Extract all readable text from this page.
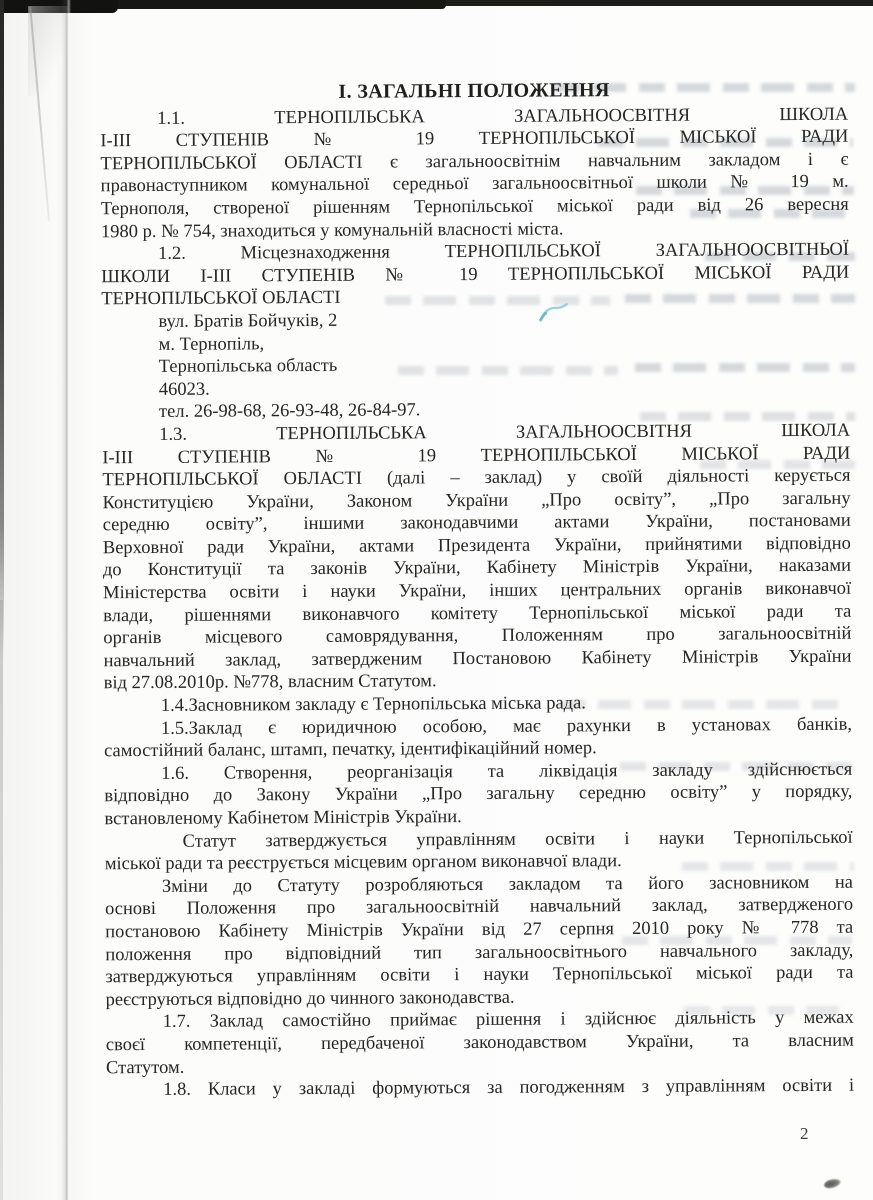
І. ЗАГАЛЬНІ ПОЛОЖЕННЯ
1.1. ТЕРНОПІЛЬСЬКА ЗАГАЛЬНООСВІТНЯ ШКОЛА
І-ІІІ СТУПЕНІВ № 19 ТЕРНОПІЛЬСЬКОЇ МІСЬКОЇ РАДИ
ТЕРНОПІЛЬСЬКОЇ ОБЛАСТІ є загальноосвітнім навчальним закладом і є
правонаступником комунальної середньої загальноосвітньої школи № 19 м.
Тернополя, створеної рішенням Тернопільської міської ради від 26 вересня
1980 р. № 754, знаходиться у комунальній власності міста.
1.2. Місцезнаходження ТЕРНОПІЛЬСЬКОЇ ЗАГАЛЬНООСВІТНЬОЇ
ШКОЛИ І-ІІІ СТУПЕНІВ № 19 ТЕРНОПІЛЬСЬКОЇ МІСЬКОЇ РАДИ
ТЕРНОПІЛЬСЬКОЇ ОБЛАСТІ
вул. Братів Бойчуків, 2
м. Тернопіль,
Тернопільська область
46023.
тел. 26-98-68, 26-93-48, 26-84-97.
1.3. ТЕРНОПІЛЬСЬКА ЗАГАЛЬНООСВІТНЯ ШКОЛА
І-ІІІ СТУПЕНІВ № 19 ТЕРНОПІЛЬСЬКОЇ МІСЬКОЇ РАДИ
ТЕРНОПІЛЬСЬКОЇ ОБЛАСТІ (далі – заклад) у своїй діяльності керується
Конституцією України, Законом України „Про освіту”, „Про загальну
середню освіту”, іншими законодавчими актами України, постановами
Верховної ради України, актами Президента України, прийнятими відповідно
до Конституції та законів України, Кабінету Міністрів України, наказами
Міністерства освіти і науки України, інших центральних органів виконавчої
влади, рішеннями виконавчого комітету Тернопільської міської ради та
органів місцевого самоврядування, Положенням про загальноосвітній
навчальний заклад, затвердженим Постановою Кабінету Міністрів України
від 27.08.2010р. №778, власним Статутом.
1.4.Засновником закладу є Тернопільська міська рада.
1.5.Заклад є юридичною особою, має рахунки в установах банків,
самостійний баланс, штамп, печатку, ідентифікаційний номер.
1.6. Створення, реорганізація та ліквідація закладу здійснюється
відповідно до Закону України „Про загальну середню освіту” у порядку,
встановленому Кабінетом Міністрів України.
Статут затверджується управлінням освіти і науки Тернопільської
міської ради та реєструється місцевим органом виконавчої влади.
Зміни до Статуту розробляються закладом та його засновником на
основі Положення про загальноосвітній навчальний заклад, затвердженого
постановою Кабінету Міністрів України від 27 серпня 2010 року № 778 та
положення про відповідний тип загальноосвітнього навчального закладу,
затверджуються управлінням освіти і науки Тернопільської міської ради та
реєструються відповідно до чинного законодавства.
1.7. Заклад самостійно приймає рішення і здійснює діяльність у межах
своєї компетенції, передбаченої законодавством України, та власним
Статутом.
1.8. Класи у закладі формуються за погодженням з управлінням освіти і
2
